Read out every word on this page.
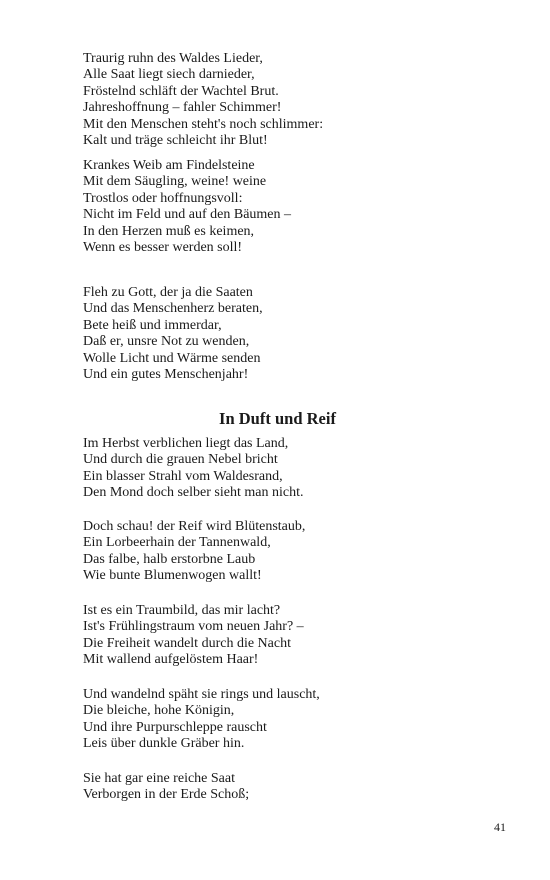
Traurig ruhn des Waldes Lieder,
Alle Saat liegt siech darnieder,
Fröstelnd schläft der Wachtel Brut.
Jahreshoffnung – fahler Schimmer!
Mit den Menschen steht's noch schlimmer:
Kalt und träge schleicht ihr Blut!
Krankes Weib am Findelsteine
Mit dem Säugling, weine! weine
Trostlos oder hoffnungsvoll:
Nicht im Feld und auf den Bäumen –
In den Herzen muß es keimen,
Wenn es besser werden soll!
Fleh zu Gott, der ja die Saaten
Und das Menschenherz beraten,
Bete heiß und immerdar,
Daß er, unsre Not zu wenden,
Wolle Licht und Wärme senden
Und ein gutes Menschenjahr!
In Duft und Reif
Im Herbst verblichen liegt das Land,
Und durch die grauen Nebel bricht
Ein blasser Strahl vom Waldesrand,
Den Mond doch selber sieht man nicht.
Doch schau! der Reif wird Blütenstaub,
Ein Lorbeerhain der Tannenwald,
Das falbe, halb erstorbne Laub
Wie bunte Blumenwogen wallt!
Ist es ein Traumbild, das mir lacht?
Ist's Frühlingstraum vom neuen Jahr? –
Die Freiheit wandelt durch die Nacht
Mit wallend aufgelöstem Haar!
Und wandelnd späht sie rings und lauscht,
Die bleiche, hohe Königin,
Und ihre Purpurschleppe rauscht
Leis über dunkle Gräber hin.
Sie hat gar eine reiche Saat
Verborgen in der Erde Schoß;
41
